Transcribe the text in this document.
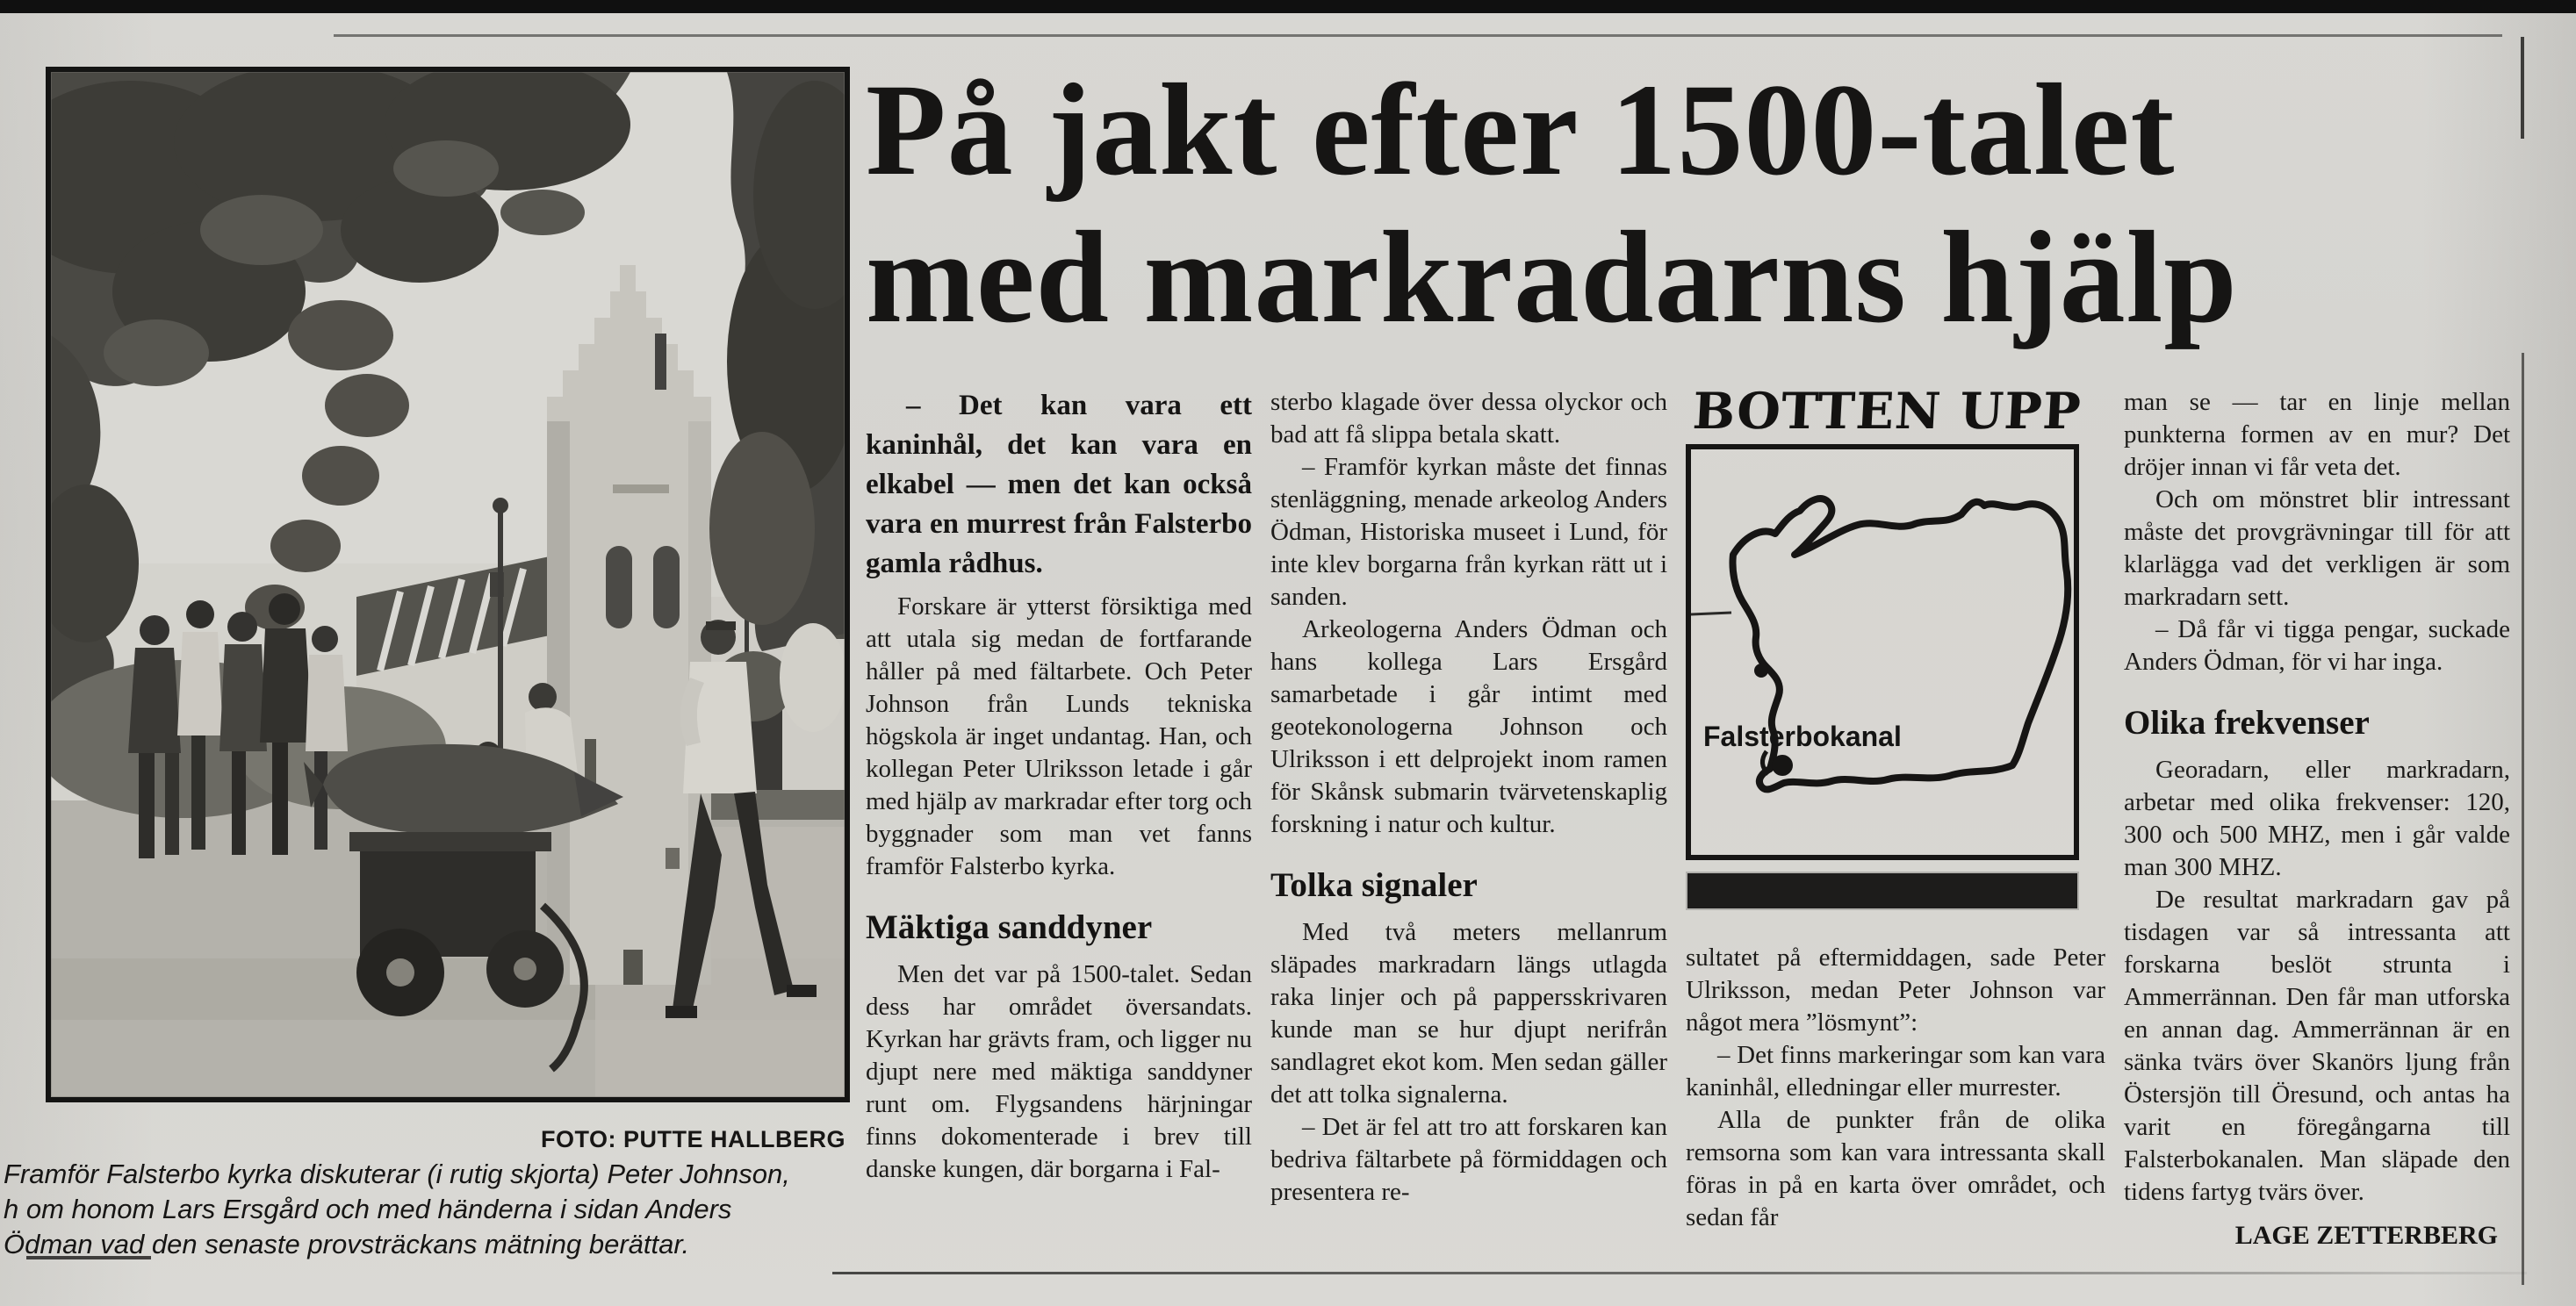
FOTO: PUTTE HALLBERG
Framför Falsterbo kyrka diskuterar (i rutig skjorta) Peter Johnson,
h om honom Lars Ersgård och med händerna i sidan Anders
Ödman vad den senaste provsträckans mätning berättar.
På jakt efter 1500-talet
med markradarns hjälp

– Det kan vara ett kaninhål, det kan vara en elkabel — men det kan också vara en murrest från Falsterbo gamla rådhus.

Forskare är ytterst försiktiga med att utala sig medan de fortfarande håller på med fältarbete. Och Peter Johnson från Lunds tekniska högskola är inget undantag. Han, och kollegan Peter Ulriksson letade i går med hjälp av markradar efter torg och byggnader som man vet fanns framför Falsterbo kyrka.

Mäktiga sanddyner

Men det var på 1500-talet. Sedan dess har området översandats. Kyrkan har grävts fram, och ligger nu djupt nere med mäktiga sanddyner runt om. Flygsandens härjningar finns dokomenterade i brev till danske kungen, där borgarna i Fal-

sterbo klagade över dessa olyckor och bad att få slippa betala skatt.

– Framför kyrkan måste det finnas stenläggning, menade arkeolog Anders Ödman, Historiska museet i Lund, för inte klev borgarna från kyrkan rätt ut i sanden.

Arkeologerna Anders Ödman och hans kollega Lars Ersgård samarbetade i går intimt med geotekonologerna Johnson och Ulriksson i ett delprojekt inom ramen för Skånsk submarin tvärvetenskaplig forskning i natur och kultur.

Tolka signaler

Med två meters mellanrum släpades markradarn längs utlagda raka linjer och på pappersskrivaren kunde man se hur djupt nerifrån sandlagret ekot kom. Men sedan gäller det att tolka signalerna.

– Det är fel att tro att forskaren kan bedriva fältarbete på förmiddagen och presentera re-

BOTTEN UPP
Falsterbokanal

sultatet på eftermiddagen, sade Peter Ulriksson, medan Peter Johnson var något mera ”lösmynt”:

– Det finns markeringar som kan vara kaninhål, elledningar eller murrester.

Alla de punkter från de olika remsorna som kan vara intressanta skall föras in på en karta över området, och sedan får

man se — tar en linje mellan punkterna formen av en mur? Det dröjer innan vi får veta det.

Och om mönstret blir intressant måste det provgrävningar till för att klarlägga vad det verkligen är som markradarn sett.

– Då får vi tigga pengar, suckade Anders Ödman, för vi har inga.

Olika frekvenser

Georadarn, eller markradarn, arbetar med olika frekvenser: 120, 300 och 500 MHZ, men i går valde man 300 MHZ.

De resultat markradarn gav på tisdagen var så intressanta att forskarna beslöt strunta i Ammerrännan. Den får man utforska en annan dag. Ammerrännan är en sänka tvärs över Skanörs ljung från Östersjön till Öresund, och antas ha varit en föregångarna till Falsterbokanalen. Man släpade den tidens fartyg tvärs över.

LAGE ZETTERBERG
